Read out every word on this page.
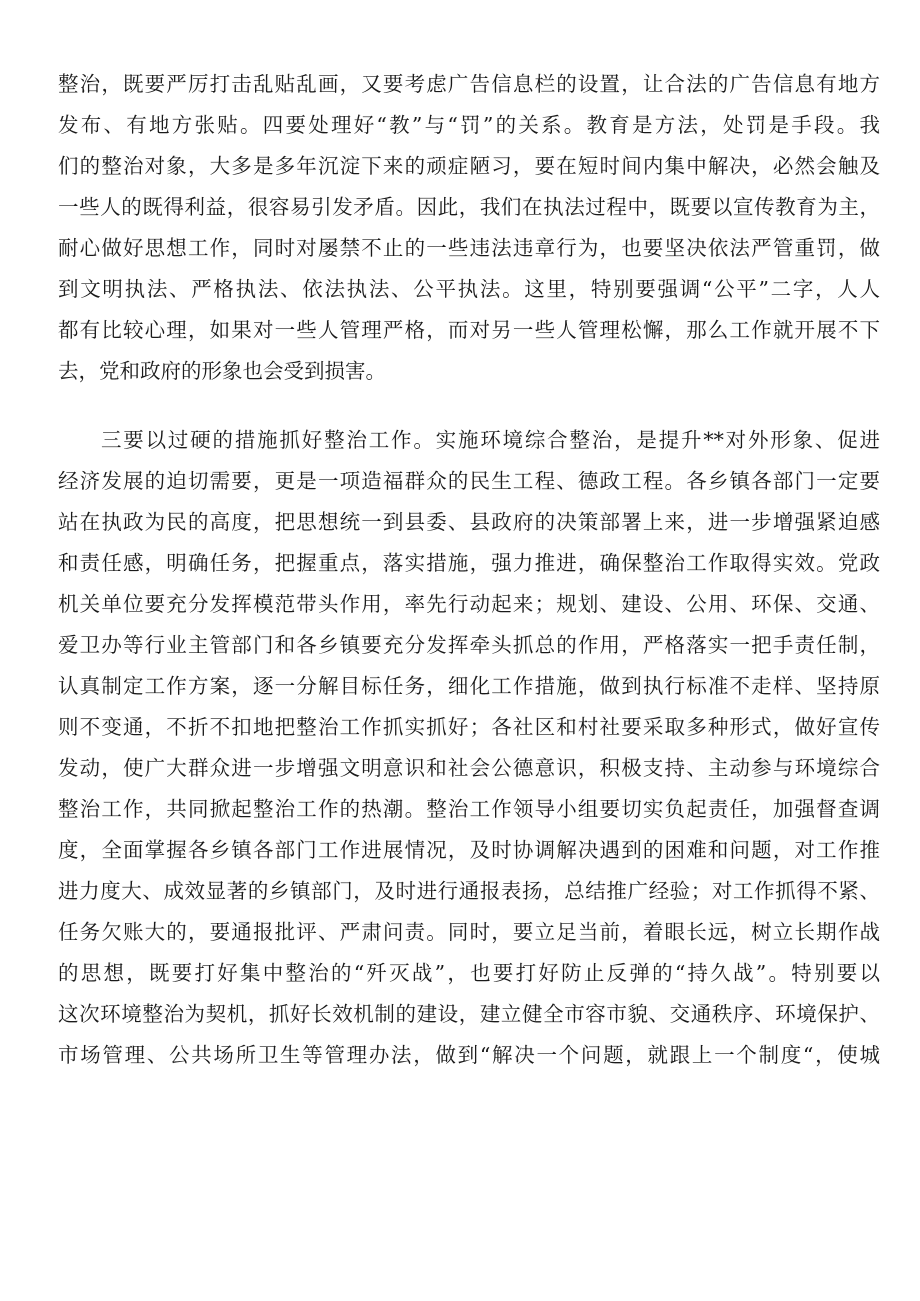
整治，既要严厉打击乱贴乱画，又要考虑广告信息栏的设置，让合法的广告信息有地方
发布、有地方张贴。四要处理好“教”与“罚”的关系。教育是方法，处罚是手段。我
们的整治对象，大多是多年沉淀下来的顽症陋习，要在短时间内集中解决，必然会触及
一些人的既得利益，很容易引发矛盾。因此，我们在执法过程中，既要以宣传教育为主，
耐心做好思想工作，同时对屡禁不止的一些违法违章行为，也要坚决依法严管重罚，做
到文明执法、严格执法、依法执法、公平执法。这里，特别要强调“公平”二字，人人
都有比较心理，如果对一些人管理严格，而对另一些人管理松懈，那么工作就开展不下
去，党和政府的形象也会受到损害。
三要以过硬的措施抓好整治工作。实施环境综合整治，是提升**对外形象、促进
经济发展的迫切需要，更是一项造福群众的民生工程、德政工程。各乡镇各部门一定要
站在执政为民的高度，把思想统一到县委、县政府的决策部署上来，进一步增强紧迫感
和责任感，明确任务，把握重点，落实措施，强力推进，确保整治工作取得实效。党政
机关单位要充分发挥模范带头作用，率先行动起来；规划、建设、公用、环保、交通、
爱卫办等行业主管部门和各乡镇要充分发挥牵头抓总的作用，严格落实一把手责任制，
认真制定工作方案，逐一分解目标任务，细化工作措施，做到执行标准不走样、坚持原
则不变通，不折不扣地把整治工作抓实抓好；各社区和村社要采取多种形式，做好宣传
发动，使广大群众进一步增强文明意识和社会公德意识，积极支持、主动参与环境综合
整治工作，共同掀起整治工作的热潮。整治工作领导小组要切实负起责任，加强督查调
度，全面掌握各乡镇各部门工作进展情况，及时协调解决遇到的困难和问题，对工作推
进力度大、成效显著的乡镇部门，及时进行通报表扬，总结推广经验；对工作抓得不紧、
任务欠账大的，要通报批评、严肃问责。同时，要立足当前，着眼长远，树立长期作战
的思想，既要打好集中整治的“歼灭战”，也要打好防止反弹的“持久战”。特别要以
这次环境整治为契机，抓好长效机制的建设，建立健全市容市貌、交通秩序、环境保护、
市场管理、公共场所卫生等管理办法，做到“解决一个问题，就跟上一个制度“，使城
